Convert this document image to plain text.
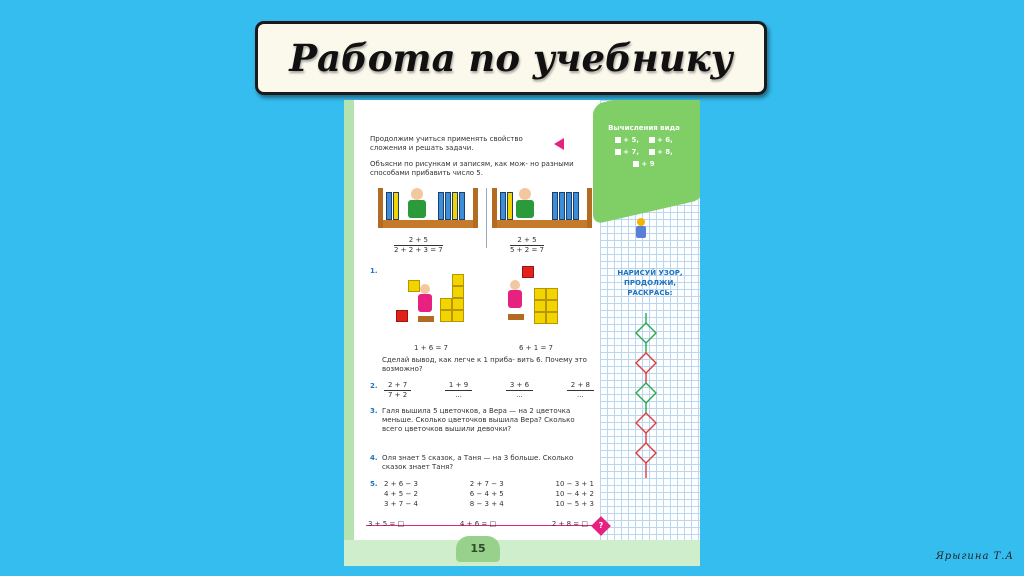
Работа по учебнику
Вычисления вида
+ 5,	+ 6,
+ 7,	+ 8,
+ 9
Продолжим учиться применять свойство сложения и решать задачи.
Объясни по рисункам и записям, как мож- но разными способами прибавить число 5.
$\frac{2 + 5}{2 + 2 + 3 = 7}$	$\frac{2 + 5}{5 + 2 = 7}$
1.
1 + 6 = 7	6 + 1 = 7
Сделай вывод, как легче к 1 приба- вить 6. Почему это возможно?
2. $\frac{2 + 7}{7 + 2}$	$\frac{1 + 9}{...}$	$\frac{3 + 6}{...}$	$\frac{2 + 8}{...}$
3. Галя вышила 5 цветочков, а Вера — на 2 цветочка меньше. Сколько цветочков вышила Вера? Сколько всего цветочков вышили девочки?
4. Оля знает 5 сказок, а Таня — на 3 больше. Сколько сказок знает Таня?
5. 2 + 6 − 3	2 + 7 − 3	10 − 3 + 1
4 + 5 − 2	6 − 4 + 5	10 − 4 + 2
3 + 7 − 4	8 − 3 + 4	10 − 5 + 3
3 + 5 = □	4 + 6 = □	2 + 8 = □	?
НАРИСУЙ УЗОР, ПРОДОЛЖИ, РАСКРАСЬ:
15
Ярыгина Т.А
